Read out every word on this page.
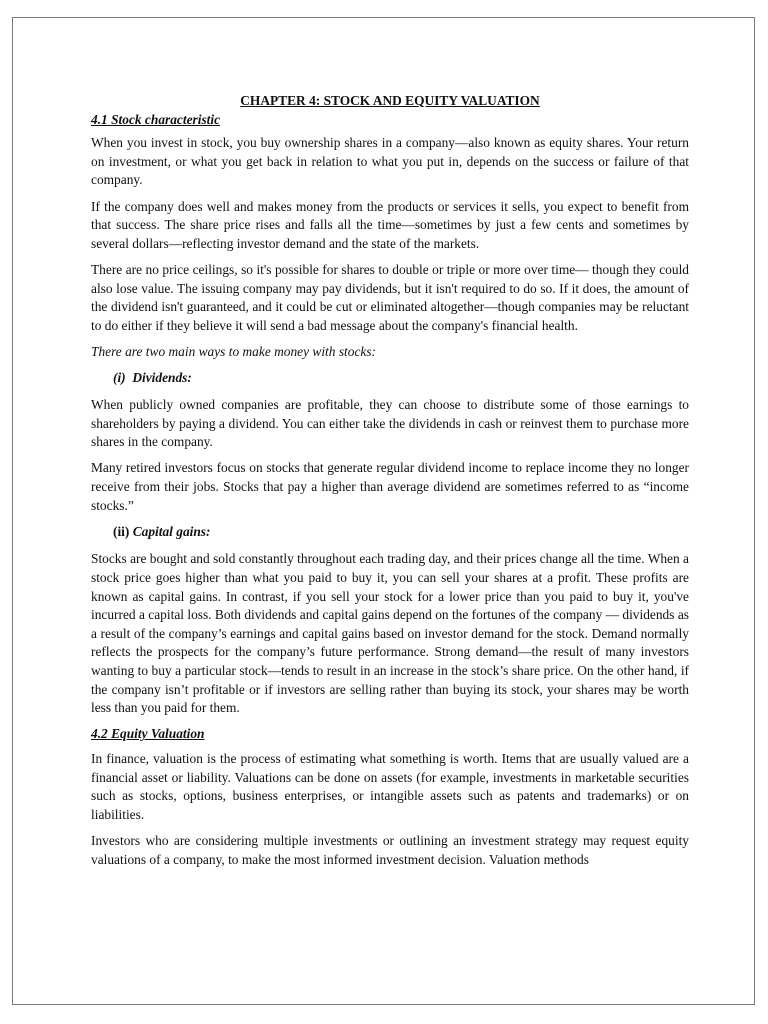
CHAPTER 4: STOCK AND EQUITY VALUATION
4.1 Stock characteristic

When you invest in stock, you buy ownership shares in a company—also known as equity shares. Your return on investment, or what you get back in relation to what you put in, depends on the success or failure of that company.

If the company does well and makes money from the products or services it sells, you expect to benefit from that success. The share price rises and falls all the time—sometimes by just a few cents and sometimes by several dollars—reflecting investor demand and the state of the markets.

There are no price ceilings, so it's possible for shares to double or triple or more over time— though they could also lose value. The issuing company may pay dividends, but it isn't required to do so. If it does, the amount of the dividend isn't guaranteed, and it could be cut or eliminated altogether—though companies may be reluctant to do either if they believe it will send a bad message about the company's financial health.

There are two main ways to make money with stocks:

(i) Dividends:

When publicly owned companies are profitable, they can choose to distribute some of those earnings to shareholders by paying a dividend. You can either take the dividends in cash or reinvest them to purchase more shares in the company.

Many retired investors focus on stocks that generate regular dividend income to replace income they no longer receive from their jobs. Stocks that pay a higher than average dividend are sometimes referred to as “income stocks.”

(ii) Capital gains:

Stocks are bought and sold constantly throughout each trading day, and their prices change all the time. When a stock price goes higher than what you paid to buy it, you can sell your shares at a profit. These profits are known as capital gains. In contrast, if you sell your stock for a lower price than you paid to buy it, you've incurred a capital loss. Both dividends and capital gains depend on the fortunes of the company — dividends as a result of the company’s earnings and capital gains based on investor demand for the stock. Demand normally reflects the prospects for the company’s future performance. Strong demand—the result of many investors wanting to buy a particular stock—tends to result in an increase in the stock’s share price. On the other hand, if the company isn’t profitable or if investors are selling rather than buying its stock, your shares may be worth less than you paid for them.

4.2 Equity Valuation

In finance, valuation is the process of estimating what something is worth. Items that are usually valued are a financial asset or liability. Valuations can be done on assets (for example, investments in marketable securities such as stocks, options, business enterprises, or intangible assets such as patents and trademarks) or on liabilities.

Investors who are considering multiple investments or outlining an investment strategy may request equity valuations of a company, to make the most informed investment decision. Valuation methods
